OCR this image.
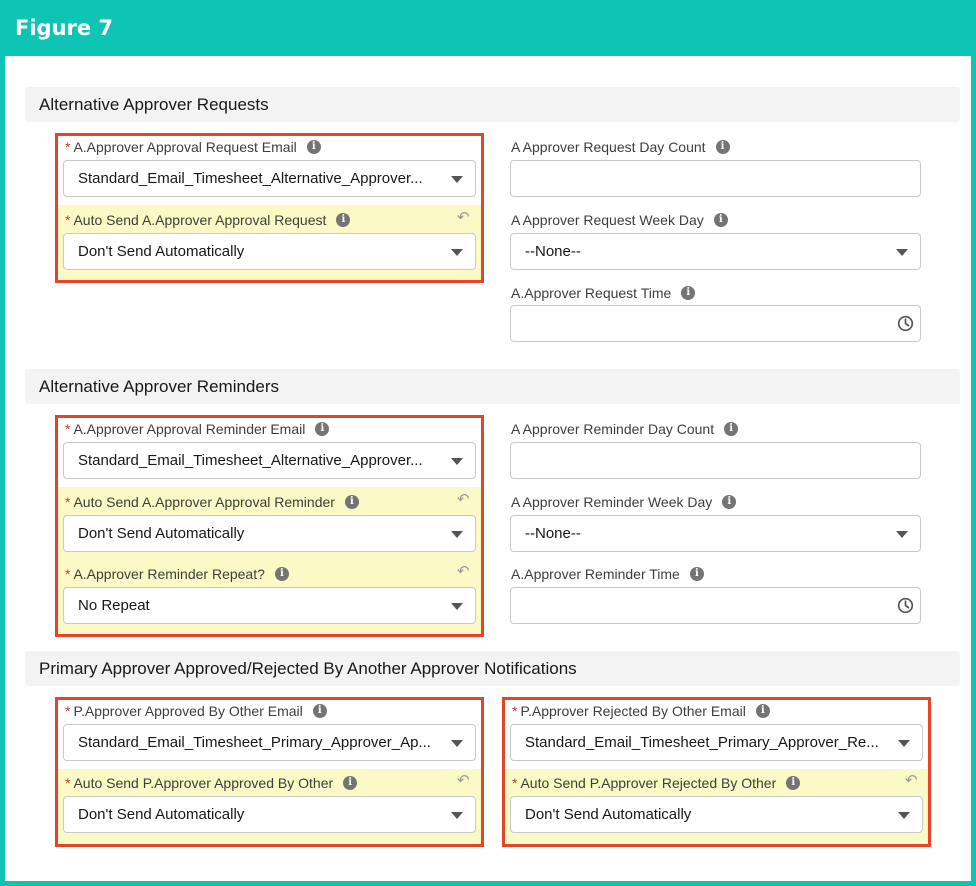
Figure 7
Alternative Approver Requests
* A.Approver Approval Request Email	i
Standard_Email_Timesheet_Alternative_Approver...
* Auto Send A.Approver Approval Request	i	↶
Don't Send Automatically
A Approver Request Day Count	i
A Approver Request Week Day	i
--None--
A.Approver Request Time	i
Alternative Approver Reminders
* A.Approver Approval Reminder Email	i
Standard_Email_Timesheet_Alternative_Approver...
* Auto Send A.Approver Approval Reminder	i	↶
Don't Send Automatically
* A.Approver Reminder Repeat?	i	↶
No Repeat
A Approver Reminder Day Count	i
A Approver Reminder Week Day	i
--None--
A.Approver Reminder Time	i
Primary Approver Approved/Rejected By Another Approver Notifications
* P.Approver Approved By Other Email	i
Standard_Email_Timesheet_Primary_Approver_Ap...
* Auto Send P.Approver Approved By Other	i	↶
Don't Send Automatically
* P.Approver Rejected By Other Email	i
Standard_Email_Timesheet_Primary_Approver_Re...
* Auto Send P.Approver Rejected By Other	i	↶
Don't Send Automatically
